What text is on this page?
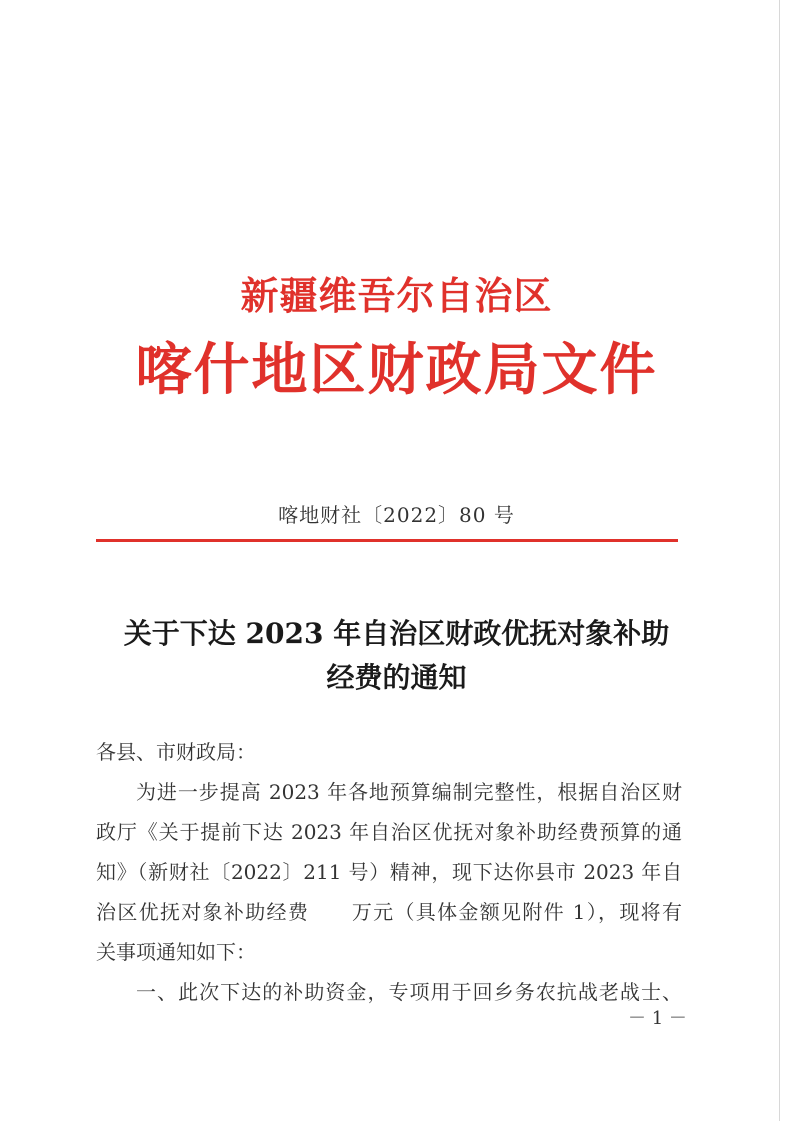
新疆维吾尔自治区
喀什地区财政局文件
喀地财社〔2022〕80 号
关于下达 2023 年自治区财政优抚对象补助
经费的通知
各县、市财政局：
为进一步提高 2023 年各地预算编制完整性，根据自治区财
政厅《关于提前下达 2023 年自治区优抚对象补助经费预算的通
知》（新财社〔2022〕211 号）精神，现下达你县市 2023 年自
治区优抚对象补助经费　　万元（具体金额见附件 1），现将有
关事项通知如下：
一、此次下达的补助资金，专项用于回乡务农抗战老战士、
－ 1 －
